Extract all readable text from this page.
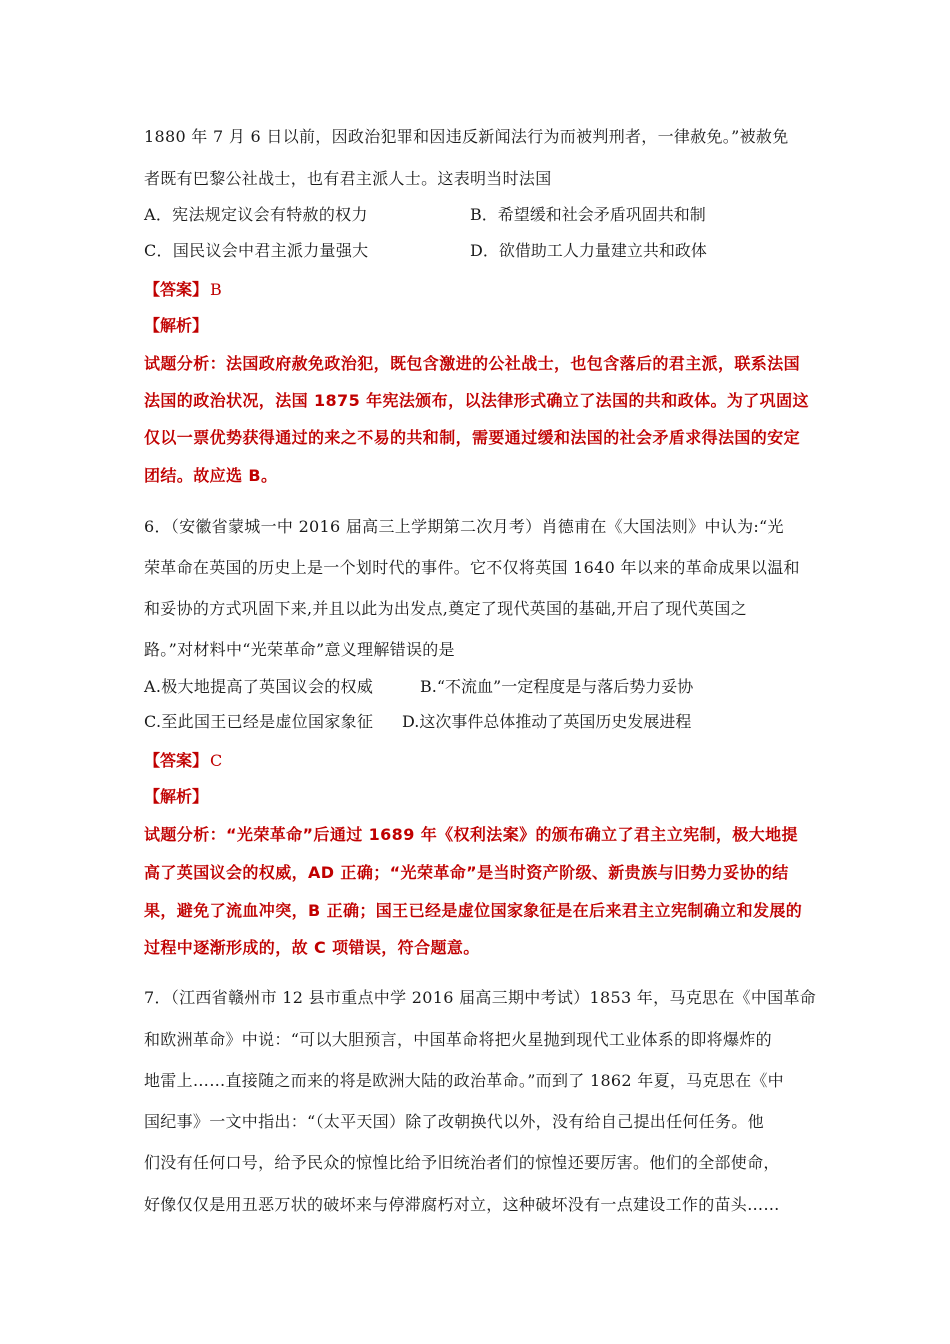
1880 年 7 月 6 日以前，因政治犯罪和因违反新闻法行为而被判刑者，一律赦免。”被赦免
者既有巴黎公社战士，也有君主派人士。这表明当时法国
A．宪法规定议会有特赦的权力	B．希望缓和社会矛盾巩固共和制
C．国民议会中君主派力量强大	D．欲借助工人力量建立共和政体
【答案】 B
【解析】
试题分析：法国政府赦免政治犯，既包含激进的公社战士，也包含落后的君主派，联系法国
法国的政治状况，法国 1875 年宪法颁布，以法律形式确立了法国的共和政体。为了巩固这
仅以一票优势获得通过的来之不易的共和制，需要通过缓和法国的社会矛盾求得法国的安定
团结。故应选 B。
6．（安徽省蒙城一中 2016 届高三上学期第二次月考）肖德甫在《大国法则》中认为:“光
荣革命在英国的历史上是一个划时代的事件。它不仅将英国 1640 年以来的革命成果以温和
和妥协的方式巩固下来,并且以此为出发点,奠定了现代英国的基础,开启了现代英国之
路。”对材料中“光荣革命”意义理解错误的是
A.极大地提高了英国议会的权威	B.“不流血”一定程度是与落后势力妥协
C.至此国王已经是虚位国家象征 D.这次事件总体推动了英国历史发展进程
【答案】 C
【解析】
试题分析：“光荣革命”后通过 1689 年《权利法案》的颁布确立了君主立宪制，极大地提
高了英国议会的权威，AD 正确；“光荣革命”是当时资产阶级、新贵族与旧势力妥协的结
果，避免了流血冲突，B 正确；国王已经是虚位国家象征是在后来君主立宪制确立和发展的
过程中逐渐形成的，故 C 项错误，符合题意。
7．（江西省赣州市 12 县市重点中学 2016 届高三期中考试）1853 年，马克思在《中国革命
和欧洲革命》中说：“可以大胆预言，中国革命将把火星抛到现代工业体系的即将爆炸的
地雷上……直接随之而来的将是欧洲大陆的政治革命。”而到了 1862 年夏，马克思在《中
国纪事》一文中指出：“（太平天国）除了改朝换代以外，没有给自己提出任何任务。他
们没有任何口号，给予民众的惊惶比给予旧统治者们的惊惶还要厉害。他们的全部使命，
好像仅仅是用丑恶万状的破坏来与停滞腐朽对立，这种破坏没有一点建设工作的苗头……
